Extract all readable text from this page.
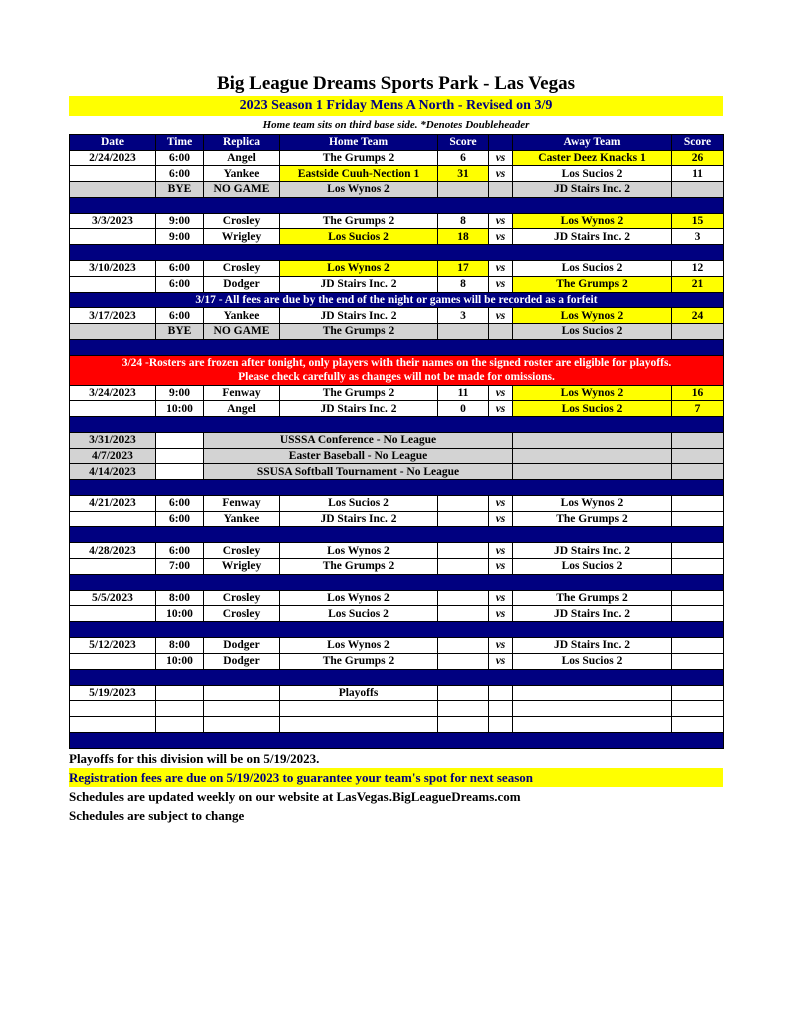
Big League Dreams Sports Park - Las Vegas
2023 Season 1 Friday Mens A North - Revised on 3/9
Home team sits on third base side. *Denotes Doubleheader
Date	Time	Replica	Home Team	Score		Away Team	Score
2/24/2023	6:00	Angel	The Grumps 2	6	vs	Caster Deez Knacks 1	26
	6:00	Yankee	Eastside Cuuh-Nection 1	31	vs	Los Sucios 2	11
	BYE	NO GAME	Los Wynos 2			JD Stairs Inc. 2	

3/3/2023	9:00	Crosley	The Grumps 2	8	vs	Los Wynos 2	15
	9:00	Wrigley	Los Sucios 2	18	vs	JD Stairs Inc. 2	3

3/10/2023	6:00	Crosley	Los Wynos 2	17	vs	Los Sucios 2	12
	6:00	Dodger	JD Stairs Inc. 2	8	vs	The Grumps 2	21
3/17 - All fees are due by the end of the night or games will be recorded as a forfeit							
3/17/2023	6:00	Yankee	JD Stairs Inc. 2	3	vs	Los Wynos 2	24
	BYE	NO GAME	The Grumps 2			Los Sucios 2	

3/24 -Rosters are frozen after tonight, only players with their names on the signed roster are eligible for playoffs.
Please check carefully as changes will not be made for omissions.							

3/24/2023	9:00	Fenway	The Grumps 2	11	vs	Los Wynos 2	16
	10:00	Angel	JD Stairs Inc. 2	0	vs	Los Sucios 2	7

3/31/2023		USSSA Conference - No League					
4/7/2023		Easter Baseball - No League					
4/14/2023		SSUSA Softball Tournament - No League					

4/21/2023	6:00	Fenway	Los Sucios 2		vs	Los Wynos 2	
	6:00	Yankee	JD Stairs Inc. 2		vs	The Grumps 2	

4/28/2023	6:00	Crosley	Los Wynos 2		vs	JD Stairs Inc. 2	
	7:00	Wrigley	The Grumps 2		vs	Los Sucios 2	

5/5/2023	8:00	Crosley	Los Wynos 2		vs	The Grumps 2	
	10:00	Crosley	Los Sucios 2		vs	JD Stairs Inc. 2	

5/12/2023	8:00	Dodger	Los Wynos 2		vs	JD Stairs Inc. 2	
	10:00	Dodger	The Grumps 2		vs	Los Sucios 2	

5/19/2023			Playoffs				

Playoffs for this division will be on 5/19/2023.
Registration fees are due on 5/19/2023 to guarantee your team's spot for next season
Schedules are updated weekly on our website at LasVegas.BigLeagueDreams.com
Schedules are subject to change
